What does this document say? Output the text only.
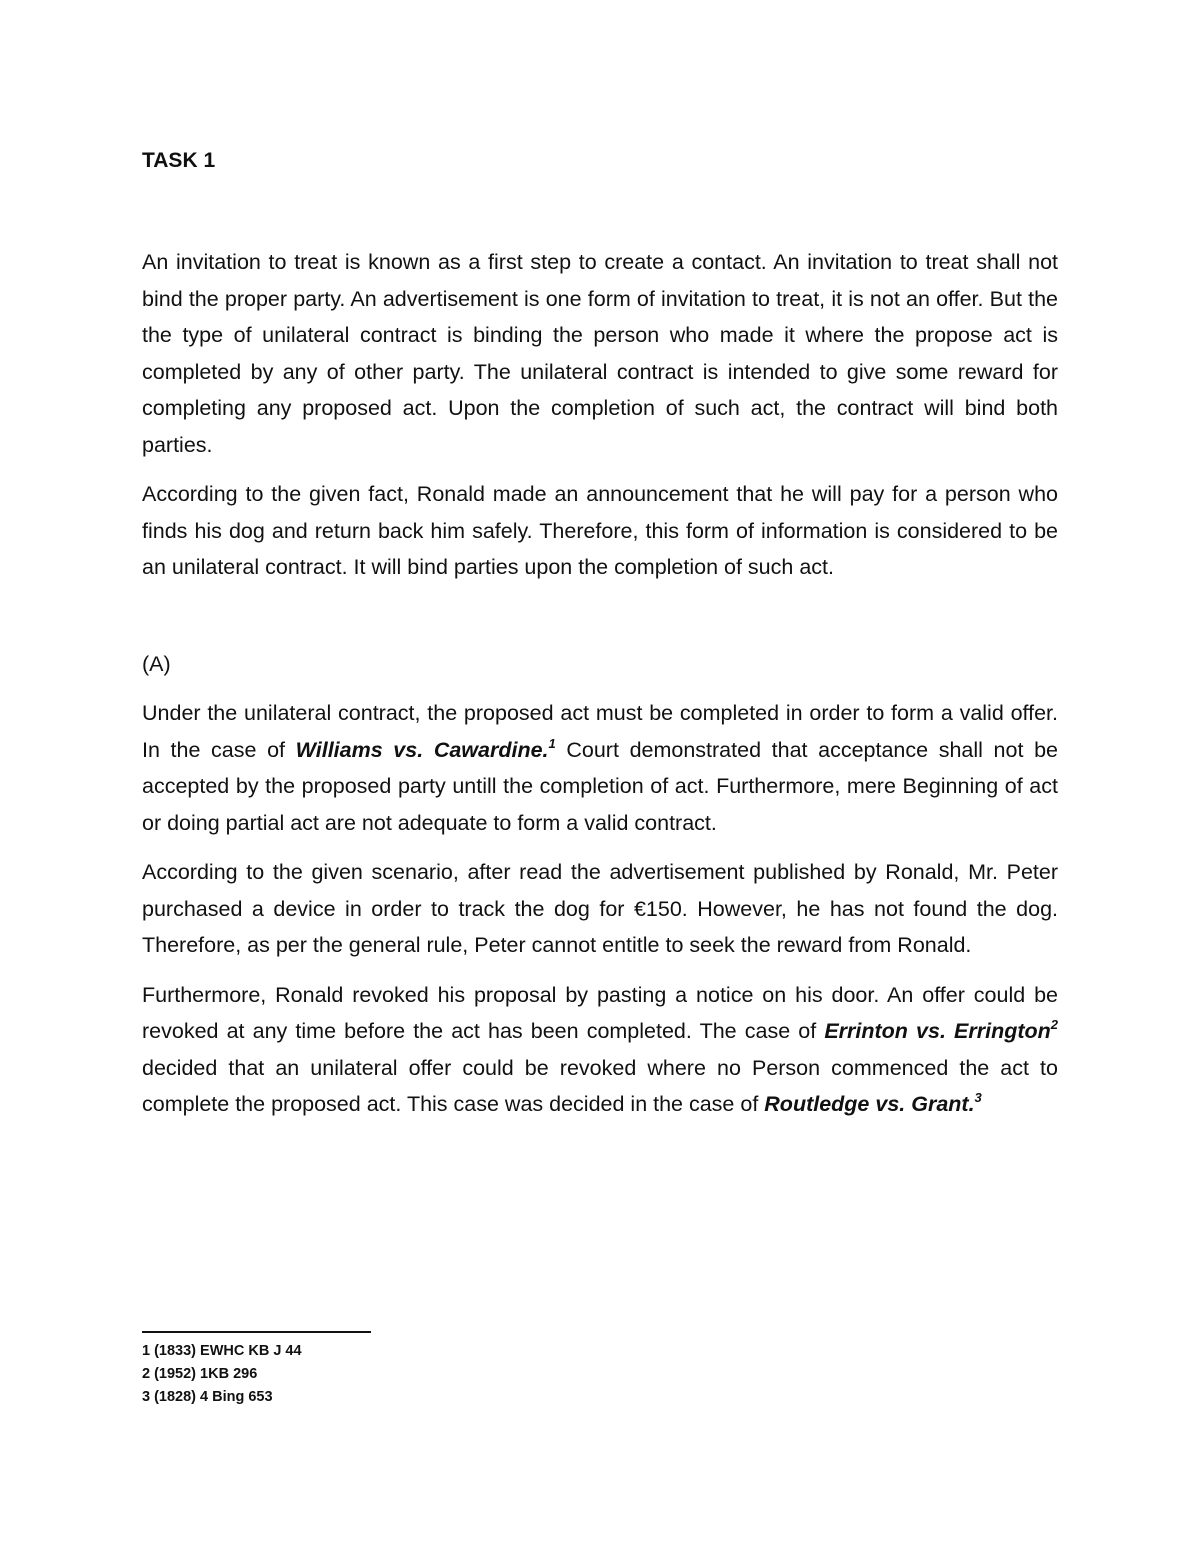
TASK 1

An invitation to treat is known as a first step to create a contact. An invitation to treat shall not bind the proper party. An advertisement is one form of invitation to treat, it is not an offer. But the the type of unilateral contract is binding the person who made it where the propose act is completed by any of other party. The unilateral contract is intended to give some reward for completing any proposed act. Upon the completion of such act, the contract will bind both parties.

According to the given fact, Ronald made an announcement that he will pay for a person who finds his dog and return back him safely. Therefore, this form of information is considered to be an unilateral contract. It will bind parties upon the completion of such act.

(A)

Under the unilateral contract, the proposed act must be completed in order to form a valid offer. In the case of Williams vs. Cawardine.$^1$ Court demonstrated that acceptance shall not be accepted by the proposed party untill the completion of act. Furthermore, mere Beginning of act or doing partial act are not adequate to form a valid contract.

According to the given scenario, after read the advertisement published by Ronald, Mr. Peter purchased a device in order to track the dog for €150. However, he has not found the dog. Therefore, as per the general rule, Peter cannot entitle to seek the reward from Ronald.

Furthermore, Ronald revoked his proposal by pasting a notice on his door. An offer could be revoked at any time before the act has been completed. The case of Errinton vs. Errington$^2$ decided that an unilateral offer could be revoked where no Person commenced the act to complete the proposed act. This case was decided in the case of Routledge vs. Grant.$^3$

1 (1833) EWHC KB J 44
2 (1952) 1KB 296
3 (1828) 4 Bing 653
